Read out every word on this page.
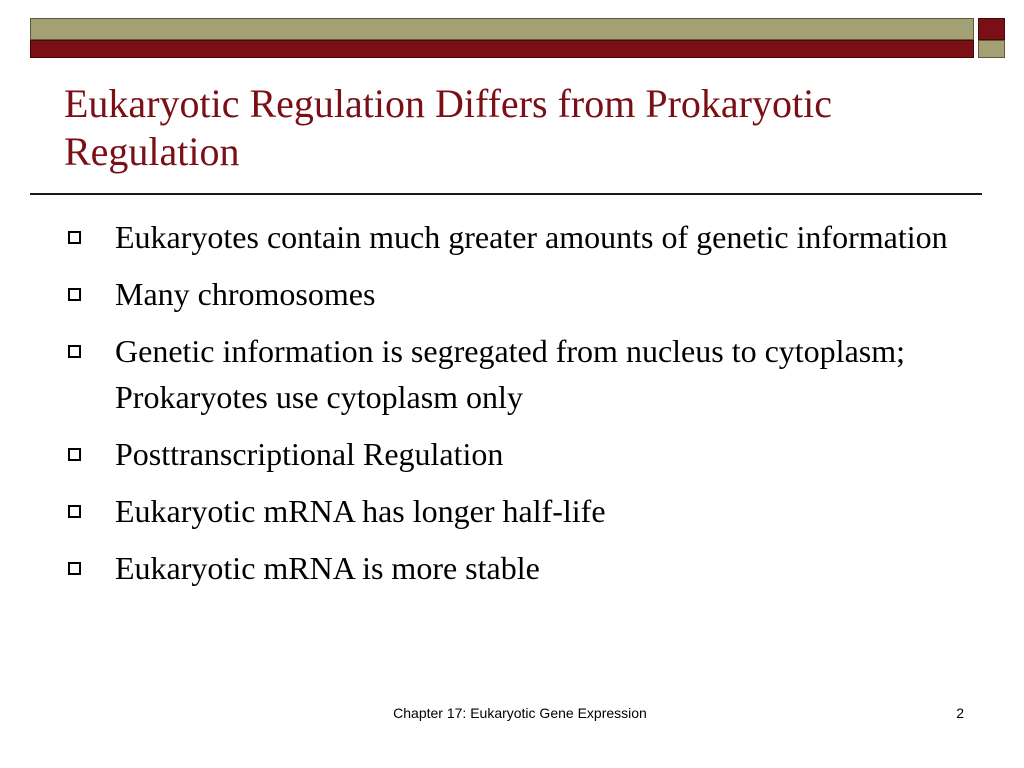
Eukaryotic Regulation Differs from Prokaryotic Regulation
Eukaryotes contain much greater amounts of genetic information
Many chromosomes
Genetic information is segregated from nucleus to cytoplasm; Prokaryotes use cytoplasm only
Posttranscriptional Regulation
Eukaryotic mRNA has longer half-life
Eukaryotic mRNA is more stable
Chapter 17: Eukaryotic Gene Expression	2
